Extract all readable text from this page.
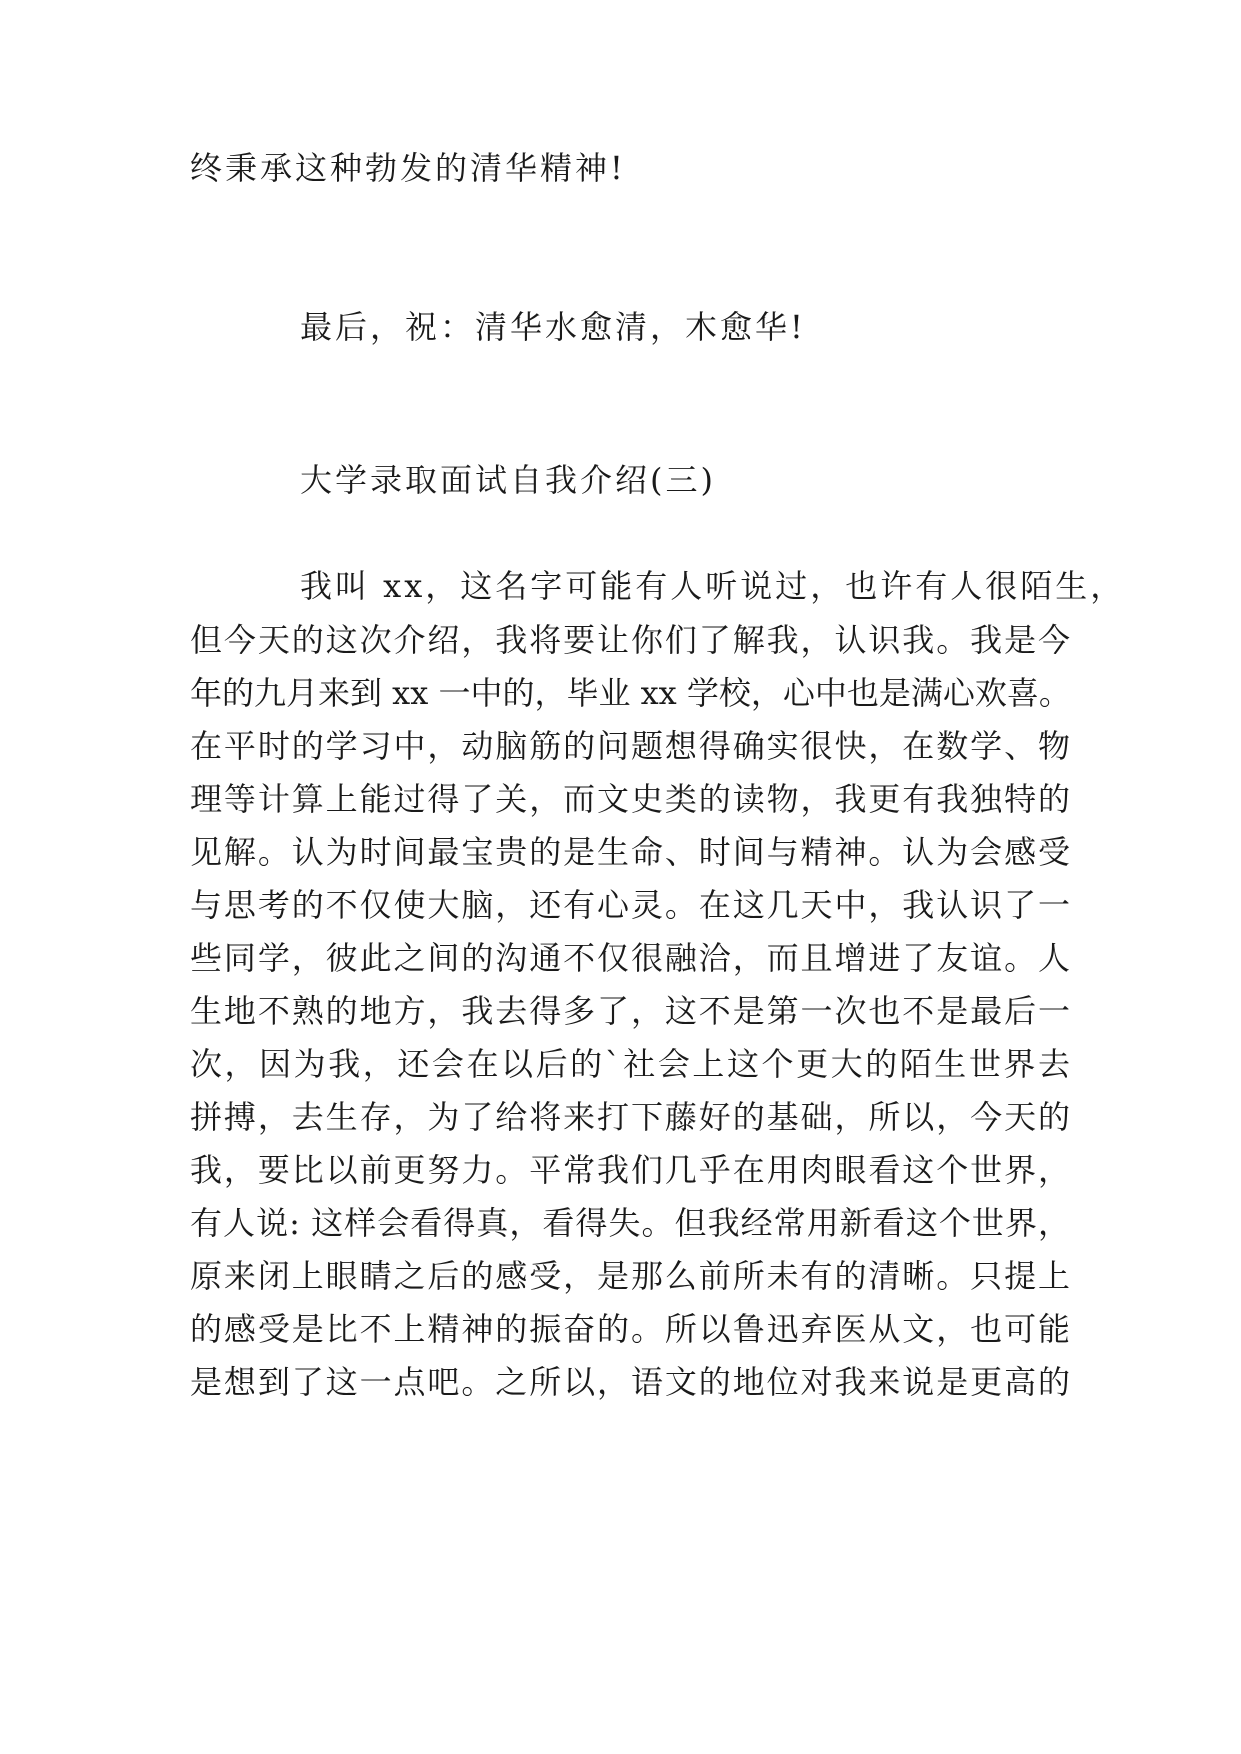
终秉承这种勃发的清华精神!
最后，祝：清华水愈清，木愈华!
大学录取面试自我介绍(三)
我叫 xx，这名字可能有人听说过，也许有人很陌生，
但今天的这次介绍，我将要让你们了解我，认识我。我是今
年的九月来到 xx 一中的，毕业 xx 学校，心中也是满心欢喜。
在平时的学习中，动脑筋的问题想得确实很快，在数学、物
理等计算上能过得了关，而文史类的读物，我更有我独特的
见解。认为时间最宝贵的是生命、时间与精神。认为会感受
与思考的不仅使大脑，还有心灵。在这几天中，我认识了一
些同学，彼此之间的沟通不仅很融洽，而且增进了友谊。人
生地不熟的地方，我去得多了，这不是第一次也不是最后一
次，因为我，还会在以后的`社会上这个更大的陌生世界去
拼搏，去生存，为了给将来打下藤好的基础，所以，今天的
我，要比以前更努力。平常我们几乎在用肉眼看这个世界，
有人说: 这样会看得真，看得失。但我经常用新看这个世界，
原来闭上眼睛之后的感受，是那么前所未有的清晰。只提上
的感受是比不上精神的振奋的。所以鲁迅弃医从文，也可能
是想到了这一点吧。之所以，语文的地位对我来说是更高的
